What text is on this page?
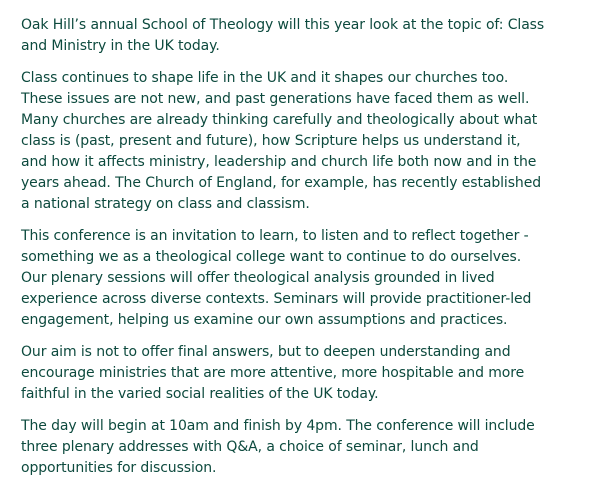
Oak Hill’s annual School of Theology will this year look at the topic of: Class
and Ministry in the UK today.

Class continues to shape life in the UK and it shapes our churches too.
These issues are not new, and past generations have faced them as well.
Many churches are already thinking carefully and theologically about what
class is (past, present and future), how Scripture helps us understand it,
and how it affects ministry, leadership and church life both now and in the
years ahead. The Church of England, for example, has recently established
a national strategy on class and classism.

This conference is an invitation to learn, to listen and to reflect together -
something we as a theological college want to continue to do ourselves.
Our plenary sessions will offer theological analysis grounded in lived
experience across diverse contexts. Seminars will provide practitioner-led
engagement, helping us examine our own assumptions and practices.

Our aim is not to offer final answers, but to deepen understanding and
encourage ministries that are more attentive, more hospitable and more
faithful in the varied social realities of the UK today.

The day will begin at 10am and finish by 4pm. The conference will include
three plenary addresses with Q&A, a choice of seminar, lunch and
opportunities for discussion.
